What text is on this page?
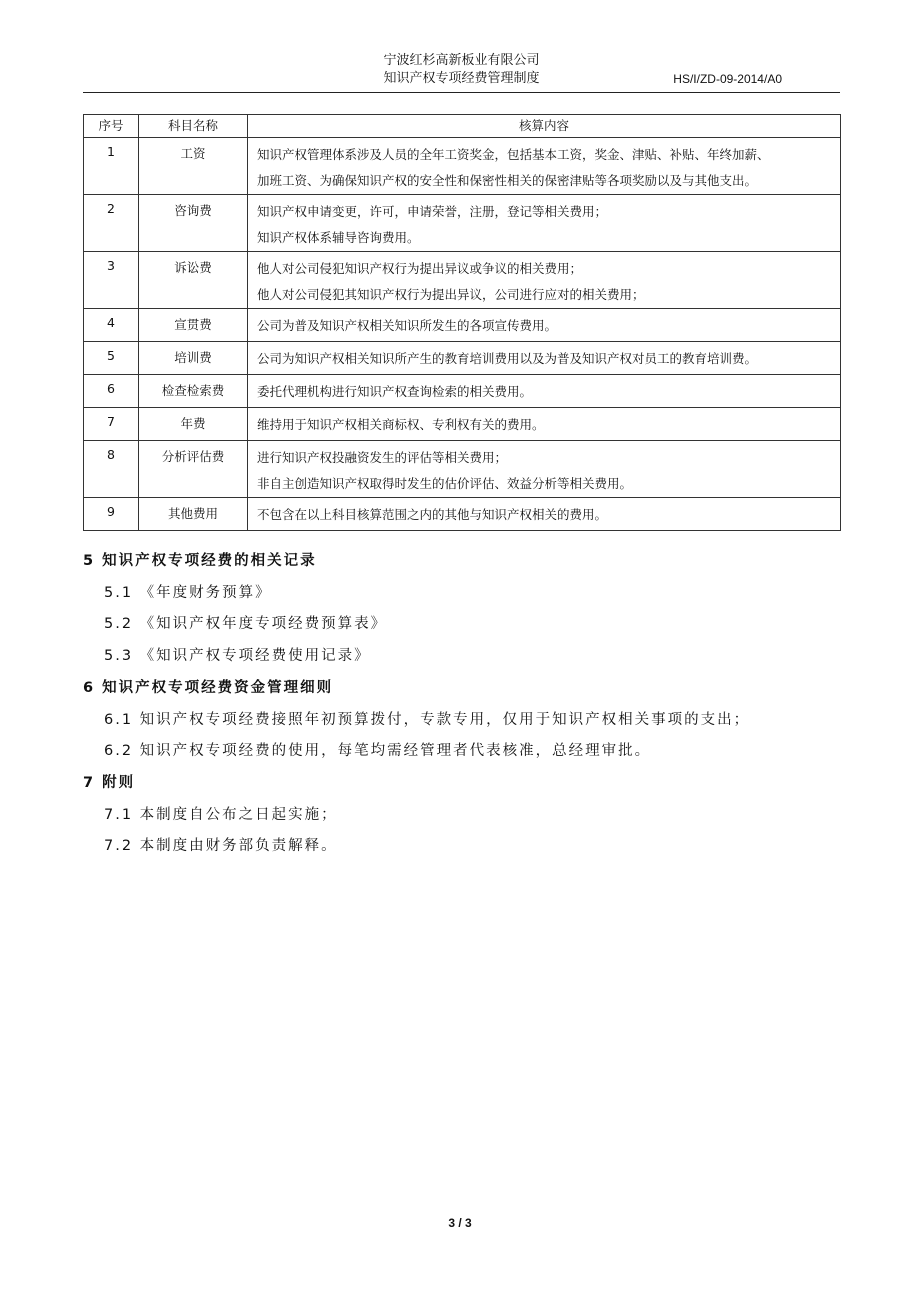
宁波红杉高新板业有限公司
知识产权专项经费管理制度	HS/I/ZD-09-2014/A0
序号	科目名称	核算内容
1	工资	知识产权管理体系涉及人员的全年工资奖金，包括基本工资，奖金、津贴、补贴、年终加薪、
加班工资、为确保知识产权的安全性和保密性相关的保密津贴等各项奖励以及与其他支出。

2	咨询费	知识产权申请变更，许可，申请荣誉，注册，登记等相关费用；
知识产权体系辅导咨询费用。

3	诉讼费	他人对公司侵犯知识产权行为提出异议或争议的相关费用；
他人对公司侵犯其知识产权行为提出异议，公司进行应对的相关费用；

4	宣贯费	公司为普及知识产权相关知识所发生的各项宣传费用。

5	培训费	公司为知识产权相关知识所产生的教育培训费用以及为普及知识产权对员工的教育培训费。

6	检查检索费	委托代理机构进行知识产权查询检索的相关费用。

7	年费	维持用于知识产权相关商标权、专利权有关的费用。

8	分析评估费	进行知识产权投融资发生的评估等相关费用；
非自主创造知识产权取得时发生的估价评估、效益分析等相关费用。

9	其他费用	不包含在以上科目核算范围之内的其他与知识产权相关的费用。
5 知识产权专项经费的相关记录
5.1 《年度财务预算》
5.2 《知识产权年度专项经费预算表》
5.3 《知识产权专项经费使用记录》
6 知识产权专项经费资金管理细则
6.1 知识产权专项经费接照年初预算拨付，专款专用，仅用于知识产权相关事项的支出；
6.2 知识产权专项经费的使用，每笔均需经管理者代表核准，总经理审批。
7 附则
7.1 本制度自公布之日起实施；
7.2 本制度由财务部负责解释。
3 / 3
